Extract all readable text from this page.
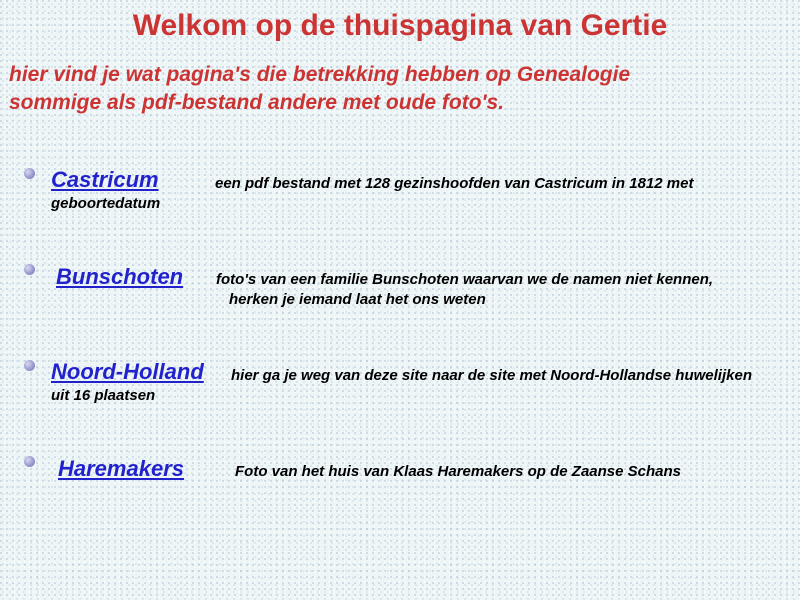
Welkom op de thuispagina van Gertie

hier vind je wat pagina's die betrekking hebben op Genealogie
sommige als pdf-bestand andere met oude foto's.

Castricum	een pdf bestand met 128 gezinshoofden van Castricum in 1812 met
geboortedatum
Bunschoten foto's van een familie Bunschoten waarvan we de namen niet kennen,
herken je iemand laat het ons weten
Noord-Holland hier ga je weg van deze site naar de site met Noord-Hollandse huwelijken
uit 16 plaatsen
Haremakers	Foto van het huis van Klaas Haremakers op de Zaanse Schans
